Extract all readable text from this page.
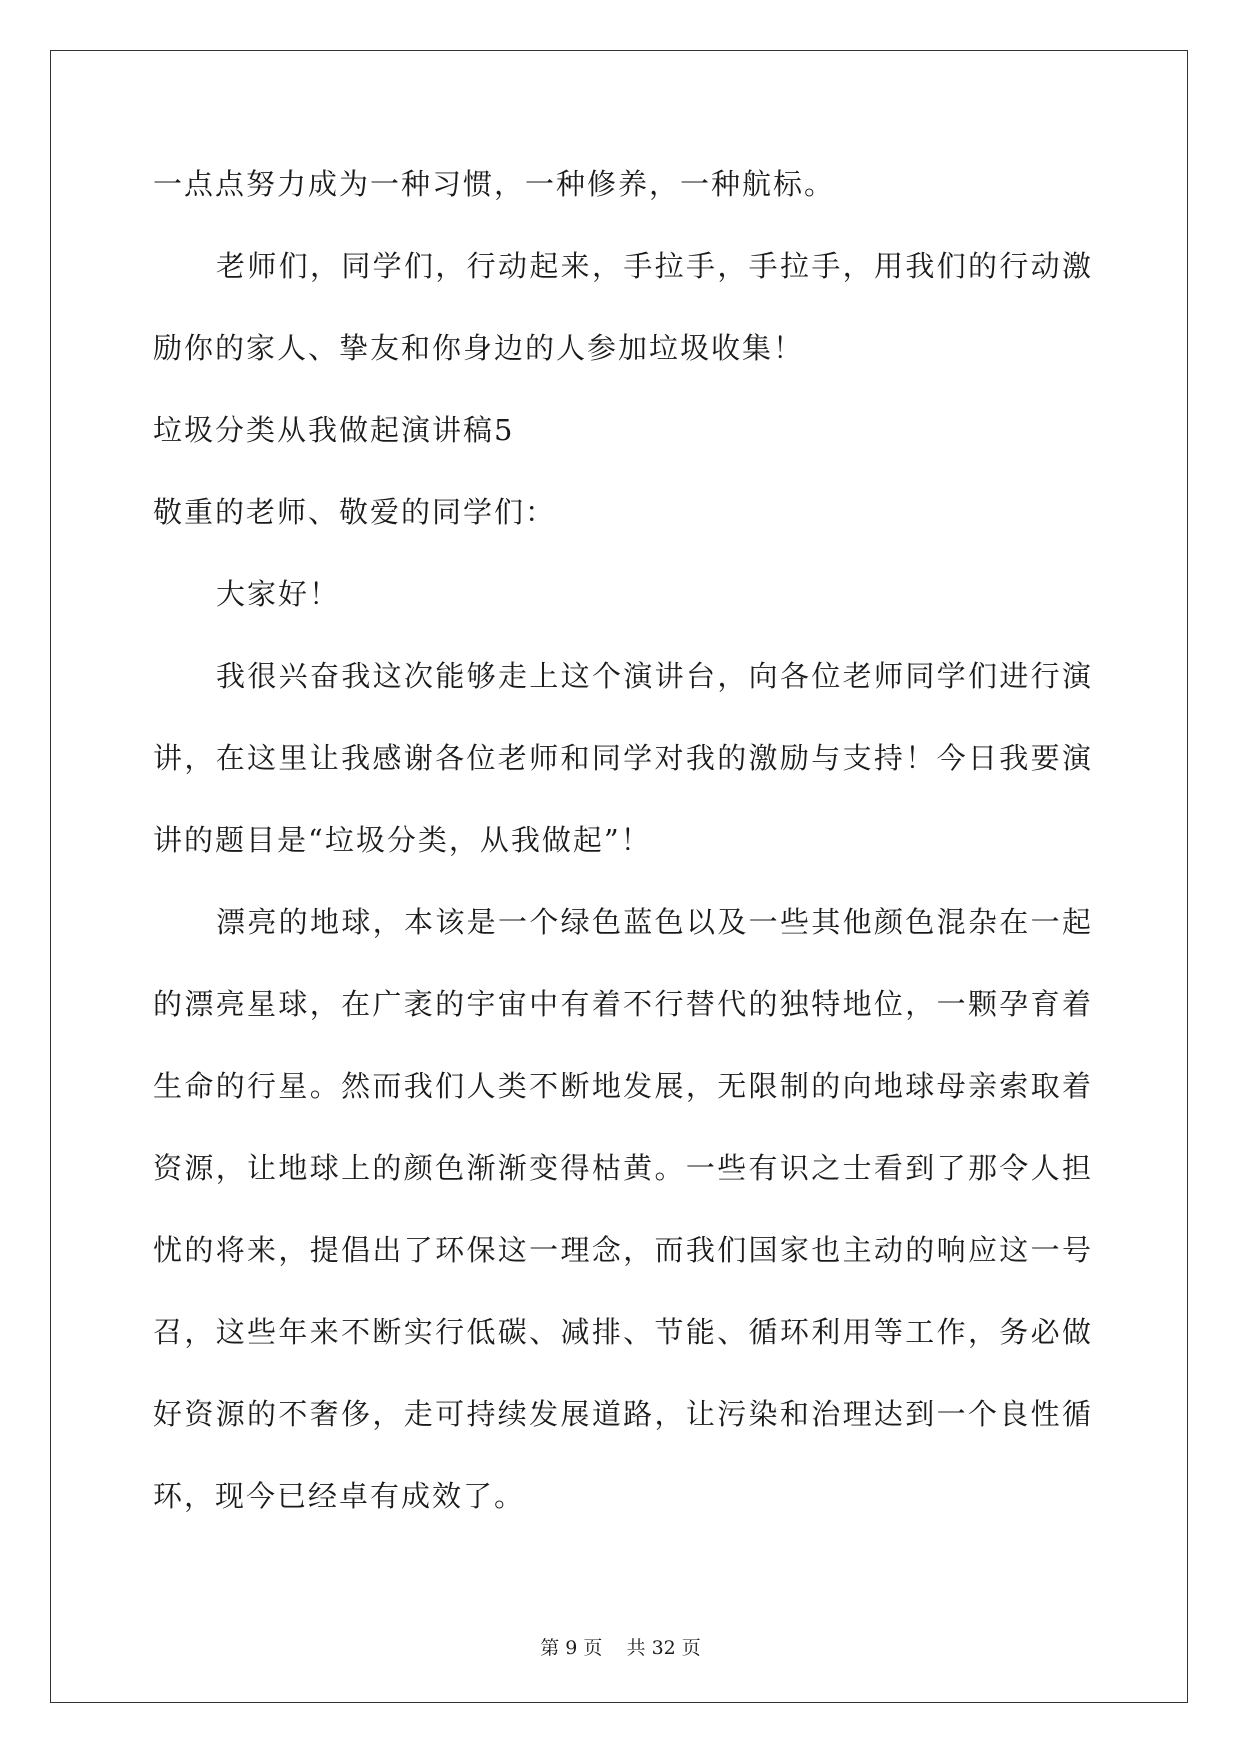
一点点努力成为一种习惯，一种修养，一种航标。
老师们，同学们，行动起来，手拉手，手拉手，用我们的行动激
励你的家人、挚友和你身边的人参加垃圾收集！
垃圾分类从我做起演讲稿5
敬重的老师、敬爱的同学们：
大家好！
我很兴奋我这次能够走上这个演讲台，向各位老师同学们进行演
讲，在这里让我感谢各位老师和同学对我的激励与支持！今日我要演
讲的题目是“垃圾分类，从我做起”！
漂亮的地球，本该是一个绿色蓝色以及一些其他颜色混杂在一起
的漂亮星球，在广袤的宇宙中有着不行替代的独特地位，一颗孕育着
生命的行星。然而我们人类不断地发展，无限制的向地球母亲索取着
资源，让地球上的颜色渐渐变得枯黄。一些有识之士看到了那令人担
忧的将来，提倡出了环保这一理念，而我们国家也主动的响应这一号
召，这些年来不断实行低碳、减排、节能、循环利用等工作，务必做
好资源的不奢侈，走可持续发展道路，让污染和治理达到一个良性循
环，现今已经卓有成效了。
第 9 页    共 32 页
